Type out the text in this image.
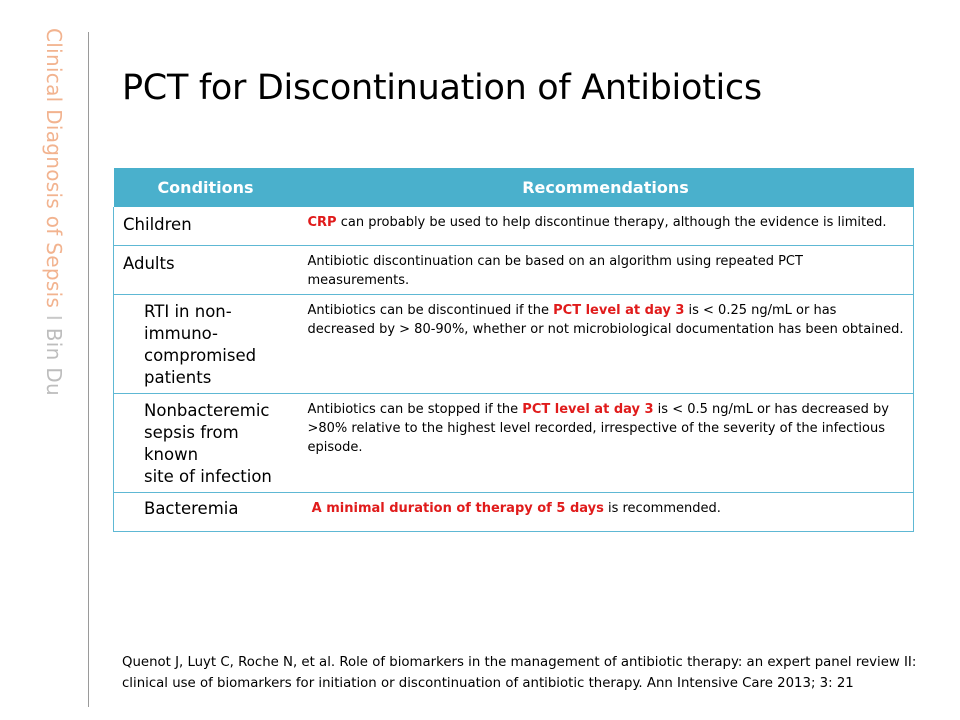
Clinical Diagnosis of Sepsis I Bin Du
PCT for Discontinuation of Antibiotics
Conditions	Recommendations

Children	CRP can probably be used to help discontinue therapy, although the evidence is limited.

Adults	Antibiotic discontinuation can be based on an algorithm using repeated PCT measurements.

RTI in non-
immuno-
compromised
patients	Antibiotics can be discontinued if the PCT level at day 3 is < 0.25 ng/mL or has decreased by > 80-90%, whether or not microbiological documentation has been obtained.

Nonbacteremic
sepsis from known
site of infection	Antibiotics can be stopped if the PCT level at day 3 is < 0.5 ng/mL or has decreased by >80% relative to the highest level recorded, irrespective of the severity of the infectious episode.

Bacteremia	A minimal duration of therapy of 5 days is recommended.
Quenot J, Luyt C, Roche N, et al. Role of biomarkers in the management of antibiotic therapy: an expert panel review II:
clinical use of biomarkers for initiation or discontinuation of antibiotic therapy. Ann Intensive Care 2013; 3: 21
